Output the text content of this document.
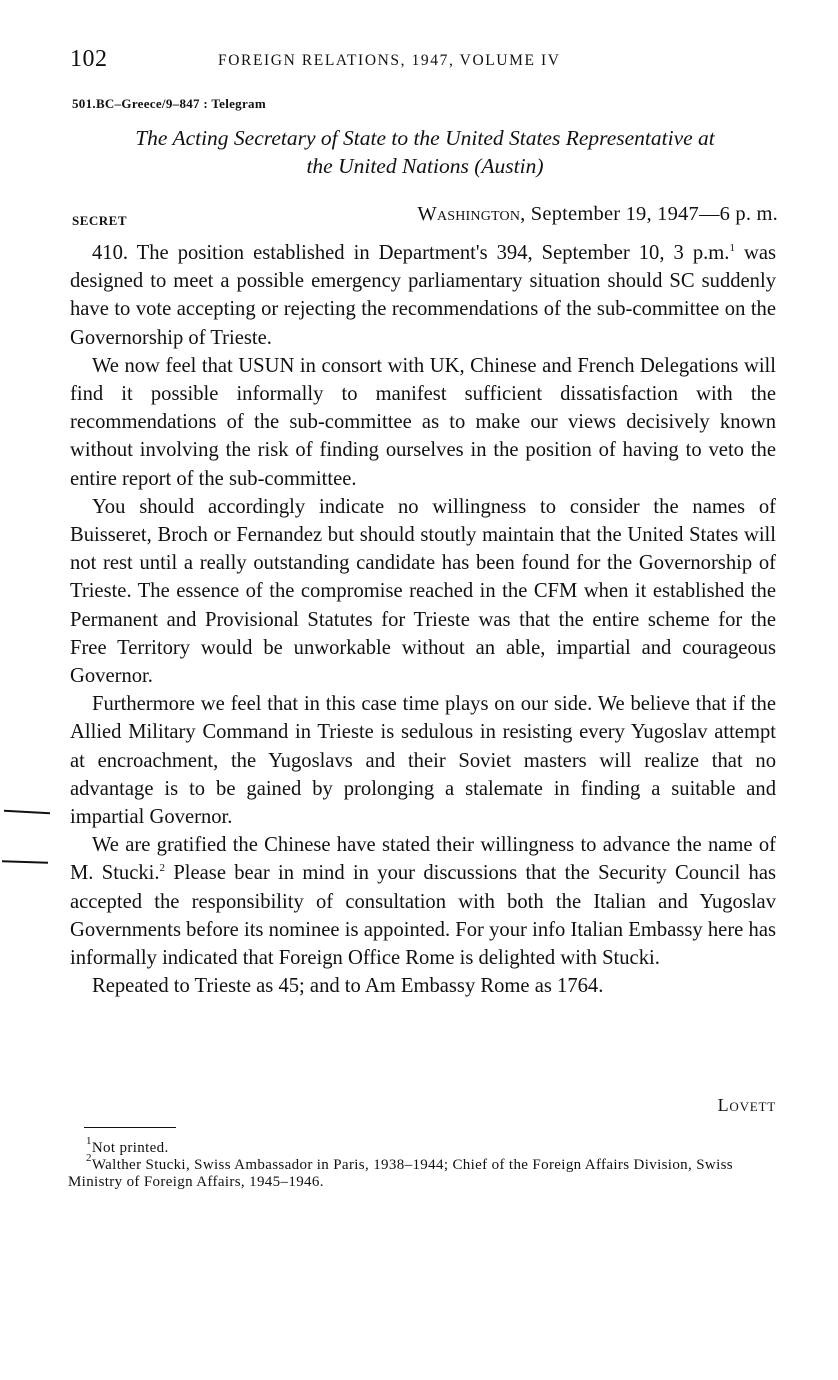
102	FOREIGN RELATIONS, 1947, VOLUME IV
501.BC–Greece/9–847 : Telegram
The Acting Secretary of State to the United States Representative at
the United Nations (Austin)
SECRET	Washington, September 19, 1947—6 p. m.

410. The position established in Department's 394, September 10, 3 p.m.$^1$ was designed to meet a possible emergency parliamentary situation should SC suddenly have to vote accepting or rejecting the recommendations of the sub-committee on the Governorship of Trieste.

We now feel that USUN in consort with UK, Chinese and French Delegations will find it possible informally to manifest sufficient dissatisfaction with the recommendations of the sub-committee as to make our views decisively known without involving the risk of finding ourselves in the position of having to veto the entire report of the sub-committee.

You should accordingly indicate no willingness to consider the names of Buisseret, Broch or Fernandez but should stoutly maintain that the United States will not rest until a really outstanding candidate has been found for the Governorship of Trieste. The essence of the compromise reached in the CFM when it established the Permanent and Provisional Statutes for Trieste was that the entire scheme for the Free Territory would be unworkable without an able, impartial and courageous Governor.

Furthermore we feel that in this case time plays on our side. We believe that if the Allied Military Command in Trieste is sedulous in resisting every Yugoslav attempt at encroachment, the Yugoslavs and their Soviet masters will realize that no advantage is to be gained by prolonging a stalemate in finding a suitable and impartial Governor.

We are gratified the Chinese have stated their willingness to advance the name of M. Stucki.$^2$ Please bear in mind in your discussions that the Security Council has accepted the responsibility of consultation with both the Italian and Yugoslav Governments before its nominee is appointed. For your info Italian Embassy here has informally indicated that Foreign Office Rome is delighted with Stucki.

Repeated to Trieste as 45; and to Am Embassy Rome as 1764.

Lovett

$^1$Not printed.

$^2$Walther Stucki, Swiss Ambassador in Paris, 1938–1944; Chief of the Foreign Affairs Division, Swiss Ministry of Foreign Affairs, 1945–1946.
